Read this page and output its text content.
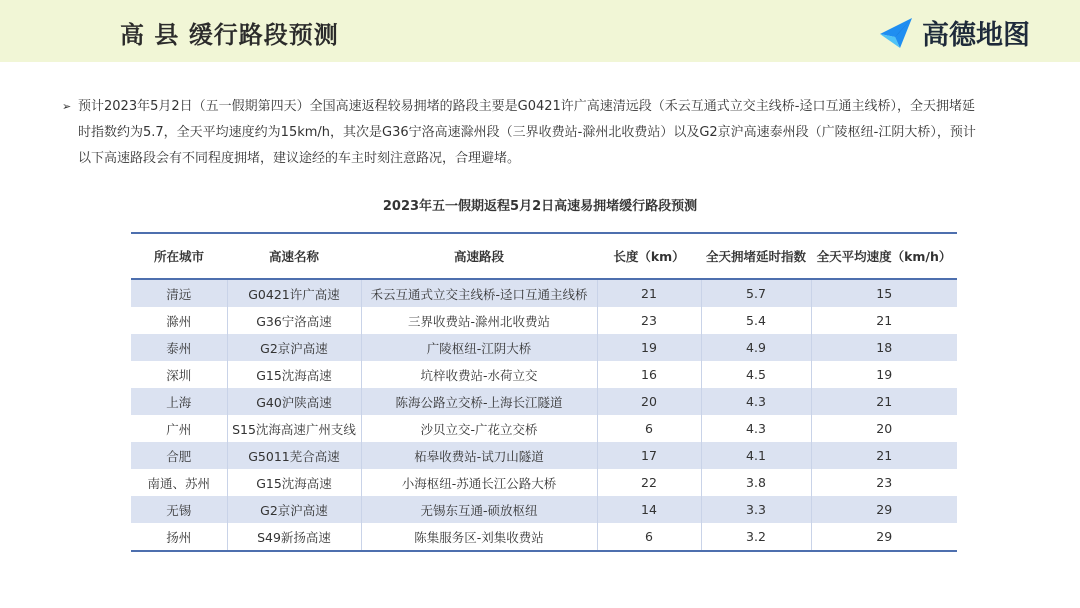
高 县 缓行路段预测	高德地图
➢ 预计2023年5月2日（五一假期第四天）全国高速返程较易拥堵的路段主要是G0421许广高速清远段（禾云互通式立交主线桥-迳口互通主线桥），全天拥堵延时指数约为5.7，全天平均速度约为15km/h，其次是G36宁洛高速滁州段（三界收费站-滁州北收费站）以及G2京沪高速泰州段（广陵枢纽-江阴大桥），预计以下高速路段会有不同程度拥堵，建议途经的车主时刻注意路况，合理避堵。
2023年五一假期返程5月2日高速易拥堵缓行路段预测
所在城市	高速名称	高速路段	长度（km）	全天拥堵延时指数	全天平均速度（km/h）
清远	G0421许广高速	禾云互通式立交主线桥-迳口互通主线桥	21	5.7	15
滁州	G36宁洛高速	三界收费站-滁州北收费站	23	5.4	21
泰州	G2京沪高速	广陵枢纽-江阴大桥	19	4.9	18
深圳	G15沈海高速	坑梓收费站-水荷立交	16	4.5	19
上海	G40沪陕高速	陈海公路立交桥-上海长江隧道	20	4.3	21
广州	S15沈海高速广州支线	沙贝立交-广花立交桥	6	4.3	20
合肥	G5011芜合高速	柘皋收费站-试刀山隧道	17	4.1	21
南通、苏州	G15沈海高速	小海枢纽-苏通长江公路大桥	22	3.8	23
无锡	G2京沪高速	无锡东互通-硕放枢纽	14	3.3	29
扬州	S49新扬高速	陈集服务区-刘集收费站	6	3.2	29
